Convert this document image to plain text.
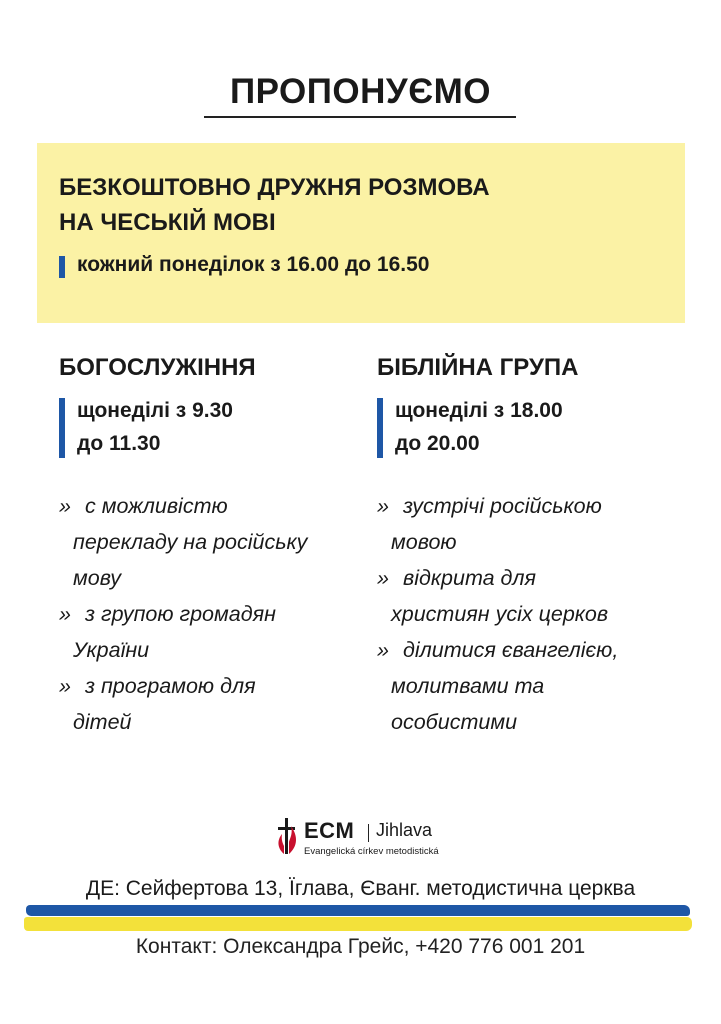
ПРОПОНУЄМО
БЕЗКОШТОВНО ДРУЖНЯ РОЗМОВА
НА ЧЕСЬКІЙ МОВІ
кожний понеділок з 16.00 до 16.50
БОГОСЛУЖІННЯ
щонеділі з 9.30
до 11.30
» с можливістю
перекладу на російську
мову
» з групою громадян
України
» з програмою для
дітей
БІБЛІЙНА ГРУПА
щонеділі з 18.00
до 20.00
» зустрічі російською
мовою
» відкрита для
християн усіх церков
» ділитися євангелією,
молитвами та
особистими
ECM Jihlava
Evangelická církev metodistická
ДЕ: Сейфертова 13, Їглава, Єванг. методистична церква
Контакт: Олександра Грейс, +420 776 001 201
